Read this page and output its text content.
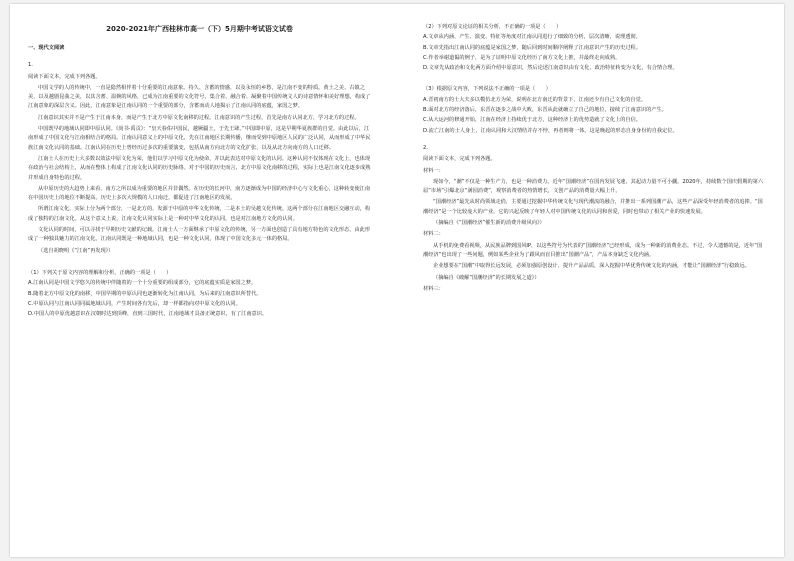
2020-2021年广西桂林市高一（下）5月期中考试语文试卷
一、现代文阅读
1.

阅读下面文本，完成下列各题。

中国文学的人的传统中，一直是隐然相伴着十分重要的江南意象。持久、含蓄的情感，以及永恒的乡愁，是江南不变的特质。黄土之美、古镇之美、以及越剧昆曲之美，以其含蓄、温婉的风格，已成为江南重要的文化符号，集合着、融合着、凝聚着中国传统文人的诗意情怀和美好理想，构成了江南意象的深层含义。因此，江南意象是江南认同的一个重要的部分，含蓄而动人地揭示了江南认同的底蕴，家国之梦。

江南意识其实并不是产生于江南本身，而是产生于北方中原文化南移的过程。江南意识的产生过程，首先是南方认同北方，学习北方的过程。

中国既早的地域认同即中原认同。《尚书·禹贡》：“皇天眷佑中国民，越厥疆土，于先王肆。”中国即中原，这是早期华夏族群的自觉。由此以后，江南形成了中国文化与江南相结合的格局。江南认同意义上的中原文化，先在江南地区长期传播，继而受到中原地区人民的广泛认同，从而形成了中华民族江南文化认同的基础。江南认同在历史上曾经历过多次的重要演变，包括从南方向北方的文化扩张，以及从北方向南方的人口迁移。

江南士人在历史上大多数以效法中原文化为荣，他们以学习中原文化为使命，并以此表达对中原文化的认同。这种认同不仅体现在文化上，也体现在政治与社会结构上，从而在整体上构成了江南文化认同的历史脉络。对于中国的历史而言，北方中原文化南移的过程，实际上也是江南文化逐步成熟并形成自身特色的过程。

从中原历史的大趋势上来看，南方之所以成为重要的地区并非偶然。在历史的长河中，南方逐渐成为中国的经济中心与文化重心，这种转变使江南在中国历史上的地位不断提高。历史上多次大规模的人口南迁，都促进了江南地区的发展。

所谓江南文化，实际上分为两个部分，一是北方的、发源于中原的中华文化传统，二是本土的吴越文化传统。这两个部分在江南地区交融互动，构成了独特的江南文化。从这个意义上说，江南文化认同实际上是一种对中华文化的认同，也是对江南地方文化的认同。

文化认同的时间，可以寻找于早期历史文献的记载。江南士人一方面继承了中原文化的传统，另一方面也创造了具有地方特色的文化形态，由此形成了一种独具魅力的江南文化。江南认同既是一种地域认同，也是一种文化认同，体现了中国文化多元一体的格局。

（选自胡晓明《“江南”再发现》）

（1）下列关于原文内容的理解和分析，正确的一项是（　　）

A.江南认同是中国文学悠久的传统中伴随着的一个十分重要的组成部分，它的底蕴实质是家国之梦。

B.随着北方中原文化的南移，中国早期的中原认同也逐渐转化为江南认同，为后来的江南意识所替代。

C.中原认同与江南认同同属地域认同，产生时间各有先后，却一样都指向对中原文化的认同。

D.中国人的中原优越意识在汉朝时达到顶峰，直到三国时代，江南地域才具备正统意识，有了江南意识。

（2）下列对原文论证的相关分析，不正确的一项是（　　）

A.文章从内涵、产生、演变、特征等角度对江南认同进行了细致的分析，层次清晰，说理透彻。

B.文章先指出江南认同的底蕴是家国之梦，随后回到时间顺序阐释了江南意识产生的历史过程。

C.作者举谢道韫的例子，是为了证明中原文化经历了南方文化上推，并最终走向成熟。

D.文章先从政治和文化两方面介绍中原意识，然后论述江南意识由有文化、政治特征转变为文化，有合情合理。

（3）根据原文内容，下列说法不正确的一项是（　　）

A.晋初南方的士大夫多以模仿北方为荣，说明在北方南迁的背景下，江南还少有自己文化的自觉。

B.面对北方的经济落后，东晋在逐步之战中大败，东晋从此就确立了自己的地位，接续了江南意识的产生。

C.从大运河的修通开始，江南在经济上持续优于北方，这种经济上的优势造就了文化上的自信。

D.流亡江南的士人身上，江南认同和大汉情结并存不悖，再者则将一体，这是晚起的形态自身身份的自我定位。

2.

阅读下面文本，完成下列各题。

材料一：

现如今，“潮”不仅是一种生产力，也是一种消费力。近年“国潮经济”在国内发展飞速，其起动力量不可小觑。2020年，持续数个国庆假期的第六届“市场”引爆北京“满园消费”，观察消费者的热情增长，文创产品的消费量大幅上升。

“国潮经济”最先从时尚领域走俏，主要通过挖掘中华传统文化与现代潮流的融合，并推出一系列国潮产品，这些产品深受年轻消费者的追捧。“国潮经济”是一个比较庞大的产业，它的兴起反映了年轻人对中国传统文化的认同和喜爱，同时也带动了相关产业的快速发展。

（摘编自《“国潮经济”催生新的消费升级风向》）

材料二：

从手机的免费看视频，从民族品牌到国风IP，以这些符号为代表的“国潮经济”已经形成，成为一种新的消费业态。不过，令人遗憾的是，近年“国潮经济”也出现了一些问题，例如某些企业为了跟风而盲目推出“国潮产品”，产品本身缺乏文化内涵。

企业想要在“国潮”中取得长远发展，必须加强原创设计，提升产品品质，深入挖掘中华优秀传统文化的内涵，才能让“国潮经济”行稳致远。

（摘编自《破解“国潮经济”的长期发展之道》）

材料三：
